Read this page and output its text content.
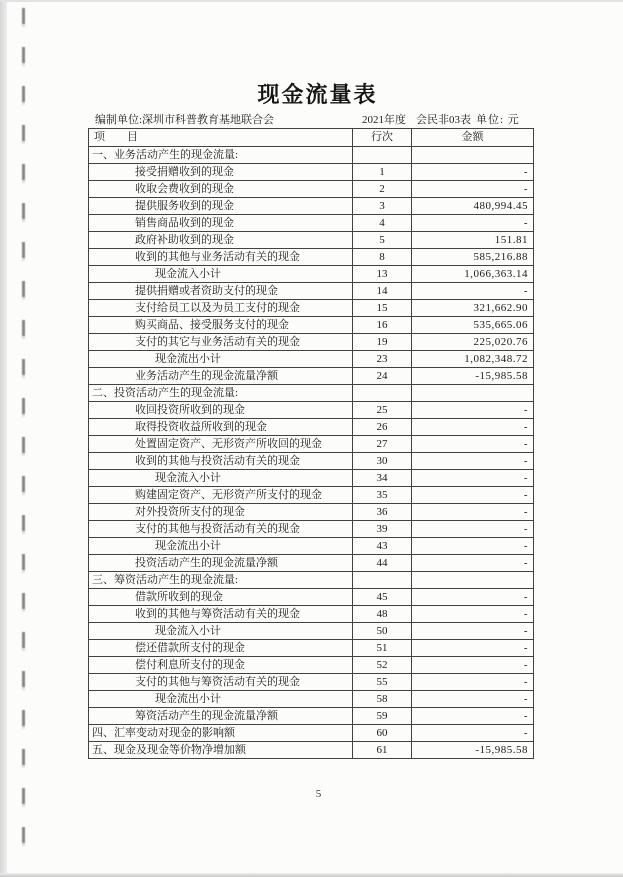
现金流量表
编制单位:深圳市科普教育基地联合会	2021年度 会民非03表 单位: 元
项　　目	行次	金额
一、业务活动产生的现金流量:		
接受捐赠收到的现金	1	-
收取会费收到的现金	2	-
提供服务收到的现金	3	480,994.45
销售商品收到的现金	4	-
政府补助收到的现金	5	151.81
收到的其他与业务活动有关的现金	8	585,216.88
现金流入小计	13	1,066,363.14
提供捐赠或者资助支付的现金	14	-
支付给员工以及为员工支付的现金	15	321,662.90
购买商品、接受服务支付的现金	16	535,665.06
支付的其它与业务活动有关的现金	19	225,020.76
现金流出小计	23	1,082,348.72
业务活动产生的现金流量净额	24	-15,985.58
二、投资活动产生的现金流量:		
收回投资所收到的现金	25	-
取得投资收益所收到的现金	26	-
处置固定资产、无形资产所收回的现金	27	-
收到的其他与投资活动有关的现金	30	-
现金流入小计	34	-
购建固定资产、无形资产所支付的现金	35	-
对外投资所支付的现金	36	-
支付的其他与投资活动有关的现金	39	-
现金流出小计	43	-
投资活动产生的现金流量净额	44	-
三、筹资活动产生的现金流量:		
借款所收到的现金	45	-
收到的其他与筹资活动有关的现金	48	-
现金流入小计	50	-
偿还借款所支付的现金	51	-
偿付利息所支付的现金	52	-
支付的其他与筹资活动有关的现金	55	-
现金流出小计	58	-
筹资活动产生的现金流量净额	59	-
四、汇率变动对现金的影响额	60	-
五、现金及现金等价物净增加额	61	-15,985.58
5
